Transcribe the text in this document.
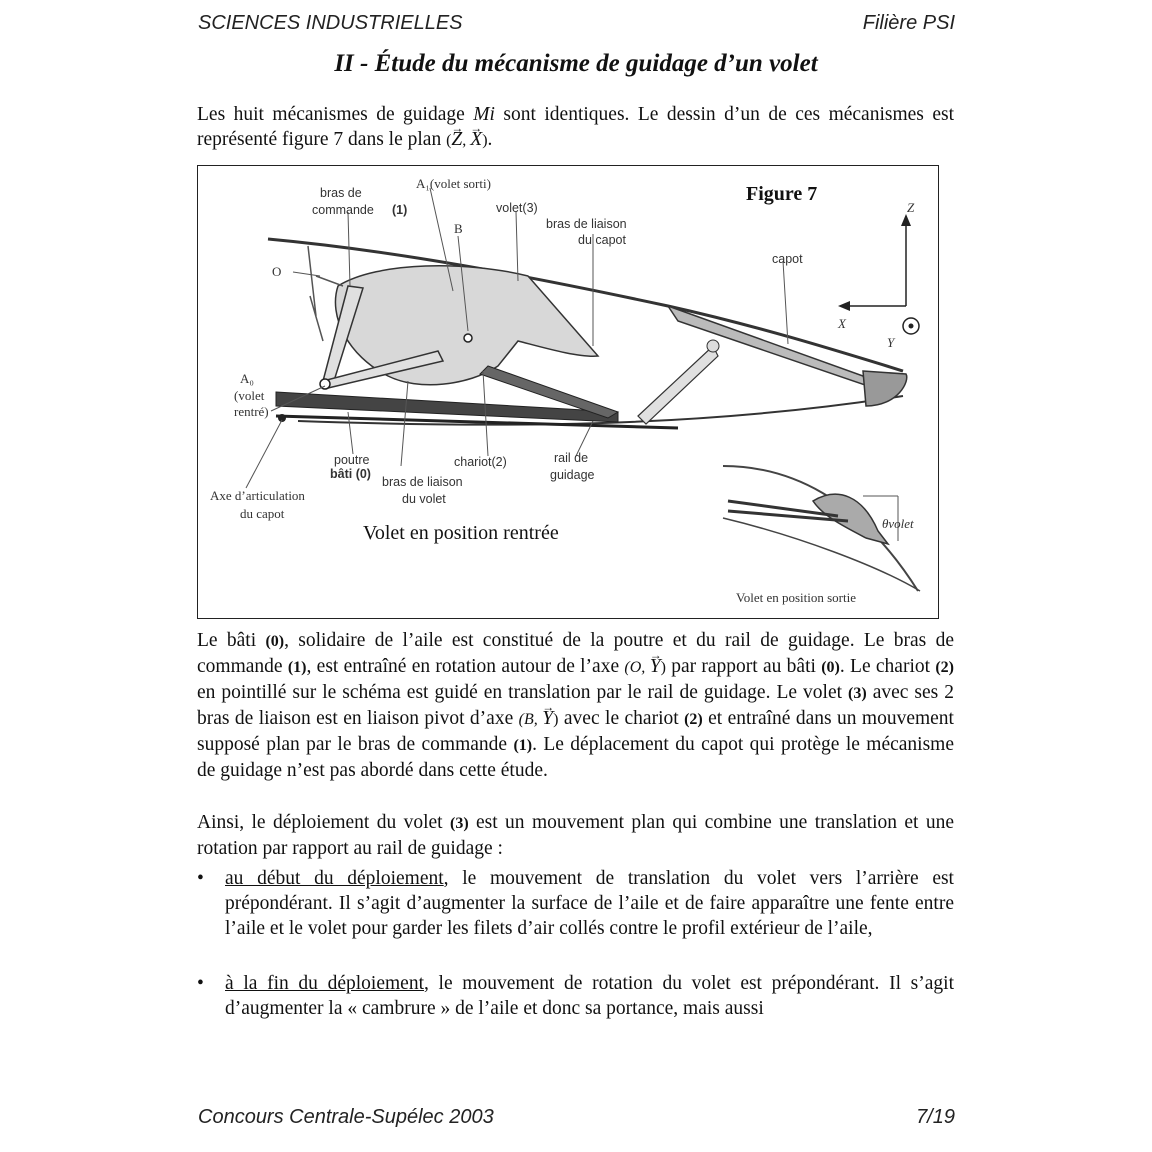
SCIENCES INDUSTRIELLES	Filière PSI
II - Étude du mécanisme de guidage d’un volet

Les huit mécanismes de guidage Mi sont identiques. Le dessin d’un de ces mécanismes est représenté figure 7 dans le plan (→ Z, → X).

Figure 7
bras de
commande (1)
A₁(volet sorti)
B
volet(3)
bras de liaison
du capot
capot
O
A₀
(volet
rentré)
poutre
bâti (0)
bras de liaison
du volet
chariot(2)	rail de
guidage
Axe d’articulation
du capot
Z
X
Y
θvolet
Volet en position rentrée
Volet en position sortie

Le bâti (0), solidaire de l’aile est constitué de la poutre et du rail de guidage. Le bras de commande (1), est entraîné en rotation autour de l’axe (O, → Y) par rapport au bâti (0). Le chariot (2) en pointillé sur le schéma est guidé en translation par le rail de guidage. Le volet (3) avec ses 2 bras de liaison est en liaison pivot d’axe (B, → Y) avec le chariot (2) et entraîné dans un mouvement supposé plan par le bras de commande (1). Le déplacement du capot qui protège le mécanisme de guidage n’est pas abordé dans cette étude.

Ainsi, le déploiement du volet (3) est un mouvement plan qui combine une translation et une rotation par rapport au rail de guidage :

• au début du déploiement, le mouvement de translation du volet vers l’arrière est prépondérant. Il s’agit d’augmenter la surface de l’aile et de faire apparaître une fente entre l’aile et le volet pour garder les filets d’air collés contre le profil extérieur de l’aile,

• à la fin du déploiement, le mouvement de rotation du volet est prépondérant. Il s’agit d’augmenter la « cambrure » de l’aile et donc sa portance, mais aussi

Concours Centrale-Supélec 2003	7/19
